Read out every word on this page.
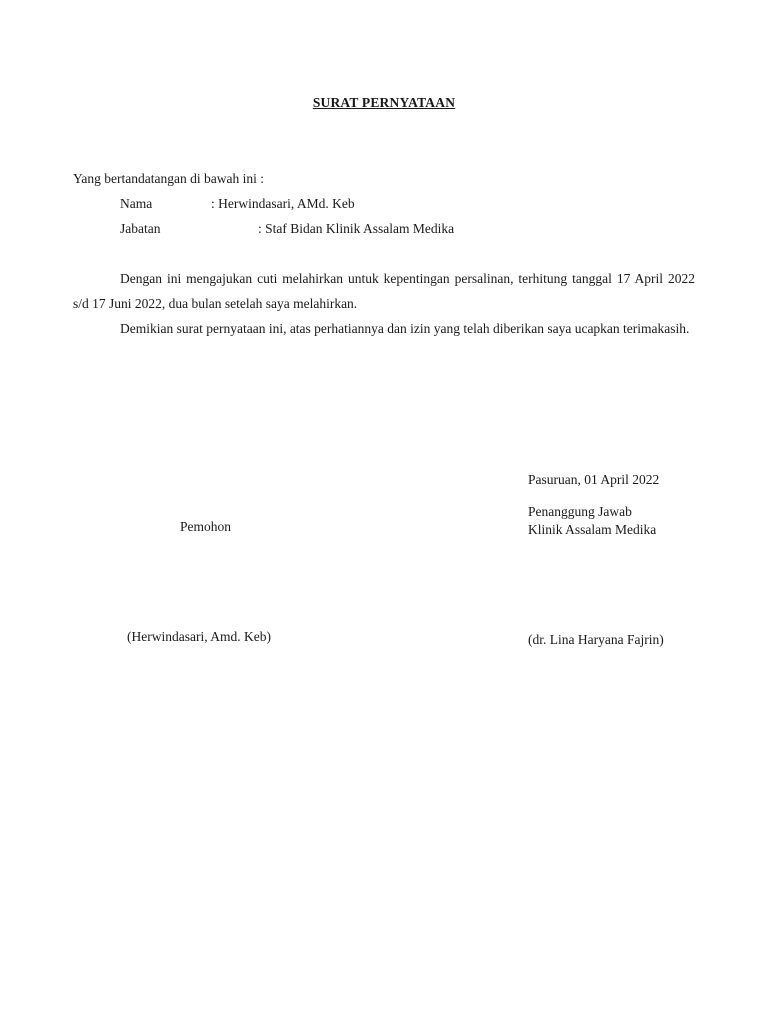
SURAT PERNYATAAN
Yang bertandatangan di bawah ini :
Nama	: Herwindasari, AMd. Keb
Jabatan	: Staf Bidan Klinik Assalam Medika
Dengan ini mengajukan cuti melahirkan untuk kepentingan persalinan, terhitung tanggal 17 April 2022 s/d 17 Juni 2022, dua bulan setelah saya melahirkan.
Demikian surat pernyataan ini, atas perhatiannya dan izin yang telah diberikan saya ucapkan terimakasih.
Pasuruan, 01 April 2022
Penanggung Jawab
Klinik Assalam Medika
Pemohon
(Herwindasari, Amd. Keb)	(dr. Lina Haryana Fajrin)
